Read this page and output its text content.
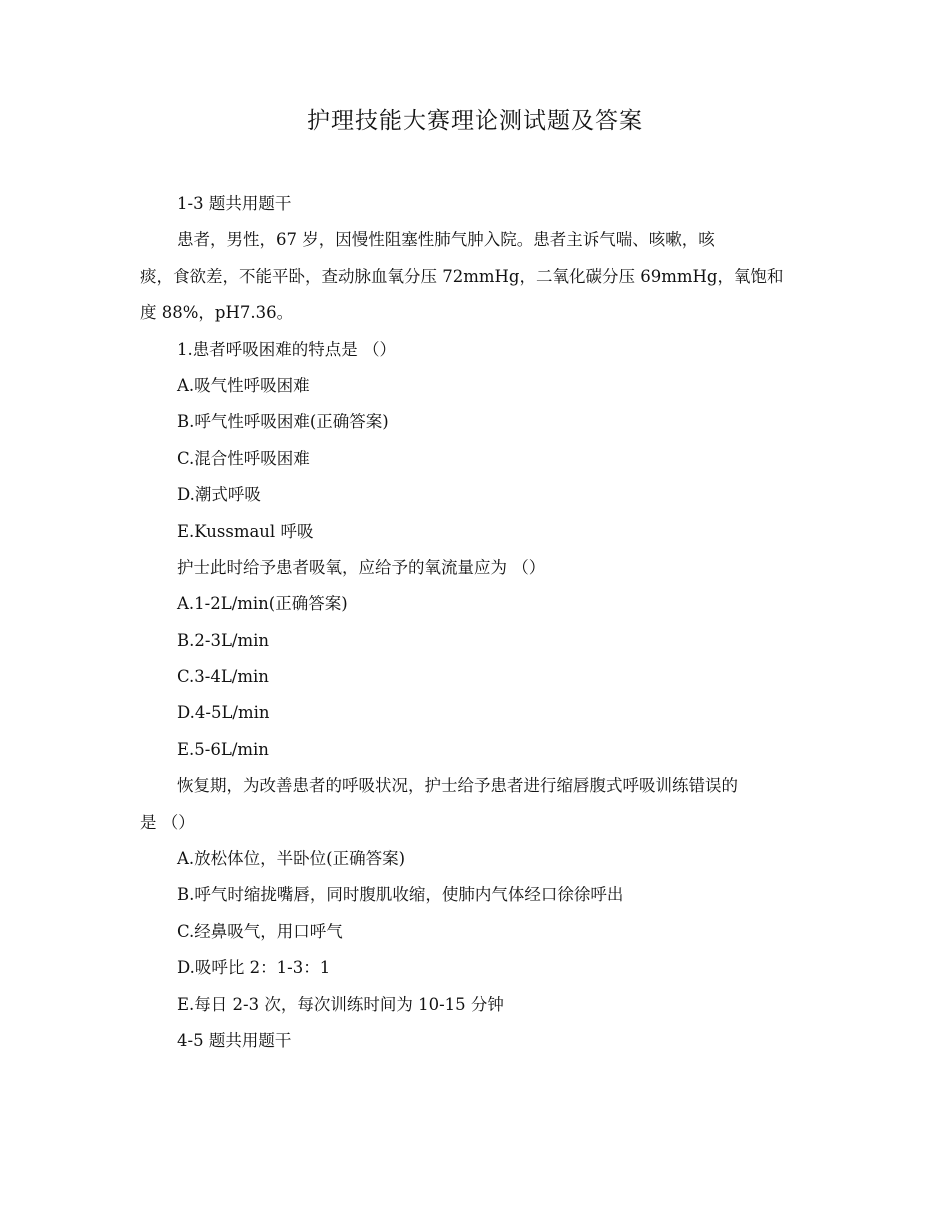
护理技能大赛理论测试题及答案
1-3 题共用题干
患者，男性，67 岁，因慢性阻塞性肺气肿入院。患者主诉气喘、咳嗽，咳
痰，食欲差，不能平卧，查动脉血氧分压 72mmHg，二氧化碳分压 69mmHg，氧饱和
度 88%，pH7.36。
1.患者呼吸困难的特点是 （）
A.吸气性呼吸困难
B.呼气性呼吸困难(正确答案)
C.混合性呼吸困难
D.潮式呼吸
E.Kussmaul 呼吸
护士此时给予患者吸氧，应给予的氧流量应为 （）
A.1-2L/min(正确答案)
B.2-3L/min
C.3-4L/min
D.4-5L/min
E.5-6L/min
恢复期，为改善患者的呼吸状况，护士给予患者进行缩唇腹式呼吸训练错误的
是 （）
A.放松体位，半卧位(正确答案)
B.呼气时缩拢嘴唇，同时腹肌收缩，使肺内气体经口徐徐呼出
C.经鼻吸气，用口呼气
D.吸呼比 2：1-3：1
E.每日 2-3 次，每次训练时间为 10-15 分钟
4-5 题共用题干
